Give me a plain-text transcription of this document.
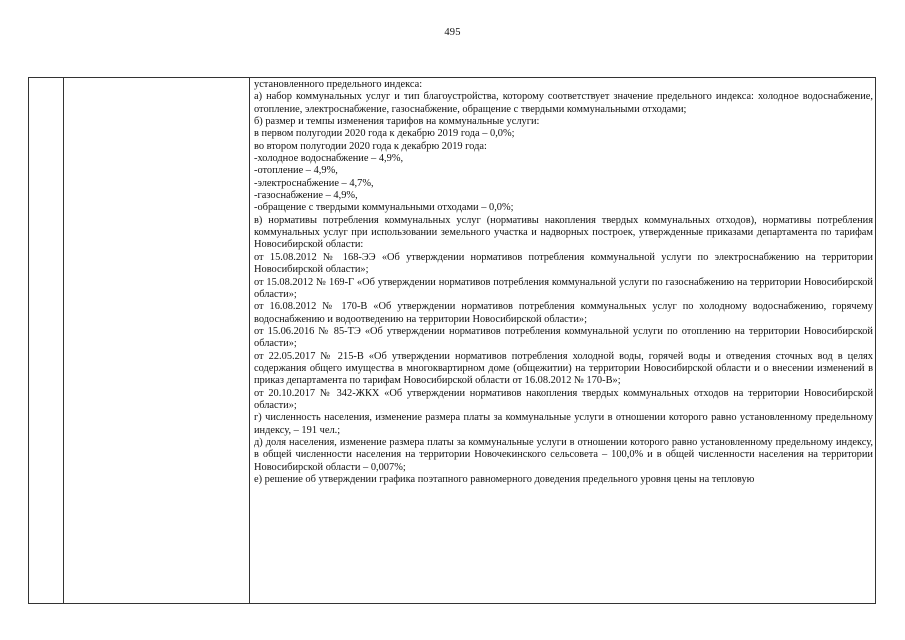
495

установленного предельного индекса:

а) набор коммунальных услуг и тип благоустройства, которому соответствует значение предельного индекса: холодное водоснабжение, отопление, электроснабжение, газоснабжение, обращение с твердыми коммунальными отходами;

б) размер и темпы изменения тарифов на коммунальные услуги:

в первом полугодии 2020 года к декабрю 2019 года – 0,0%;

во втором полугодии 2020 года к декабрю 2019 года:

-холодное водоснабжение – 4,9%,

-отопление – 4,9%,

-электроснабжение – 4,7%,

-газоснабжение – 4,9%,

-обращение с твердыми коммунальными отходами – 0,0%;

в) нормативы потребления коммунальных услуг (нормативы накопления твердых коммунальных отходов), нормативы потребления коммунальных услуг при использовании земельного участка и надворных построек, утвержденные приказами департамента по тарифам Новосибирской области:

от 15.08.2012 № 168-ЭЭ «Об утверждении нормативов потребления коммунальной услуги по электроснабжению на территории Новосибирской области»;

от 15.08.2012 № 169-Г «Об утверждении нормативов потребления коммунальной услуги по газоснабжению на территории Новосибирской области»;

от 16.08.2012 № 170-В «Об утверждении нормативов потребления коммунальных услуг по холодному водоснабжению, горячему водоснабжению и водоотведению на территории Новосибирской области»;

от 15.06.2016 № 85-ТЭ «Об утверждении нормативов потребления коммунальной услуги по отоплению на территории Новосибирской области»;

от 22.05.2017 № 215-В «Об утверждении нормативов потребления холодной воды, горячей воды и отведения сточных вод в целях содержания общего имущества в многоквартирном доме (общежитии) на территории Новосибирской области и о внесении изменений в приказ департамента по тарифам Новосибирской области от 16.08.2012 № 170-В»;

от 20.10.2017 № 342-ЖКХ «Об утверждении нормативов накопления твердых коммунальных отходов на территории Новосибирской области»;

г) численность населения, изменение размера платы за коммунальные услуги в отношении которого равно установленному предельному индексу, – 191 чел.;

д) доля населения, изменение размера платы за коммунальные услуги в отношении которого равно установленному предельному индексу, в общей численности населения на территории Новочекинского сельсовета – 100,0% и в общей численности населения на территории Новосибирской области – 0,007%;

е) решение об утверждении графика поэтапного равномерного доведения предельного уровня цены на тепловую
